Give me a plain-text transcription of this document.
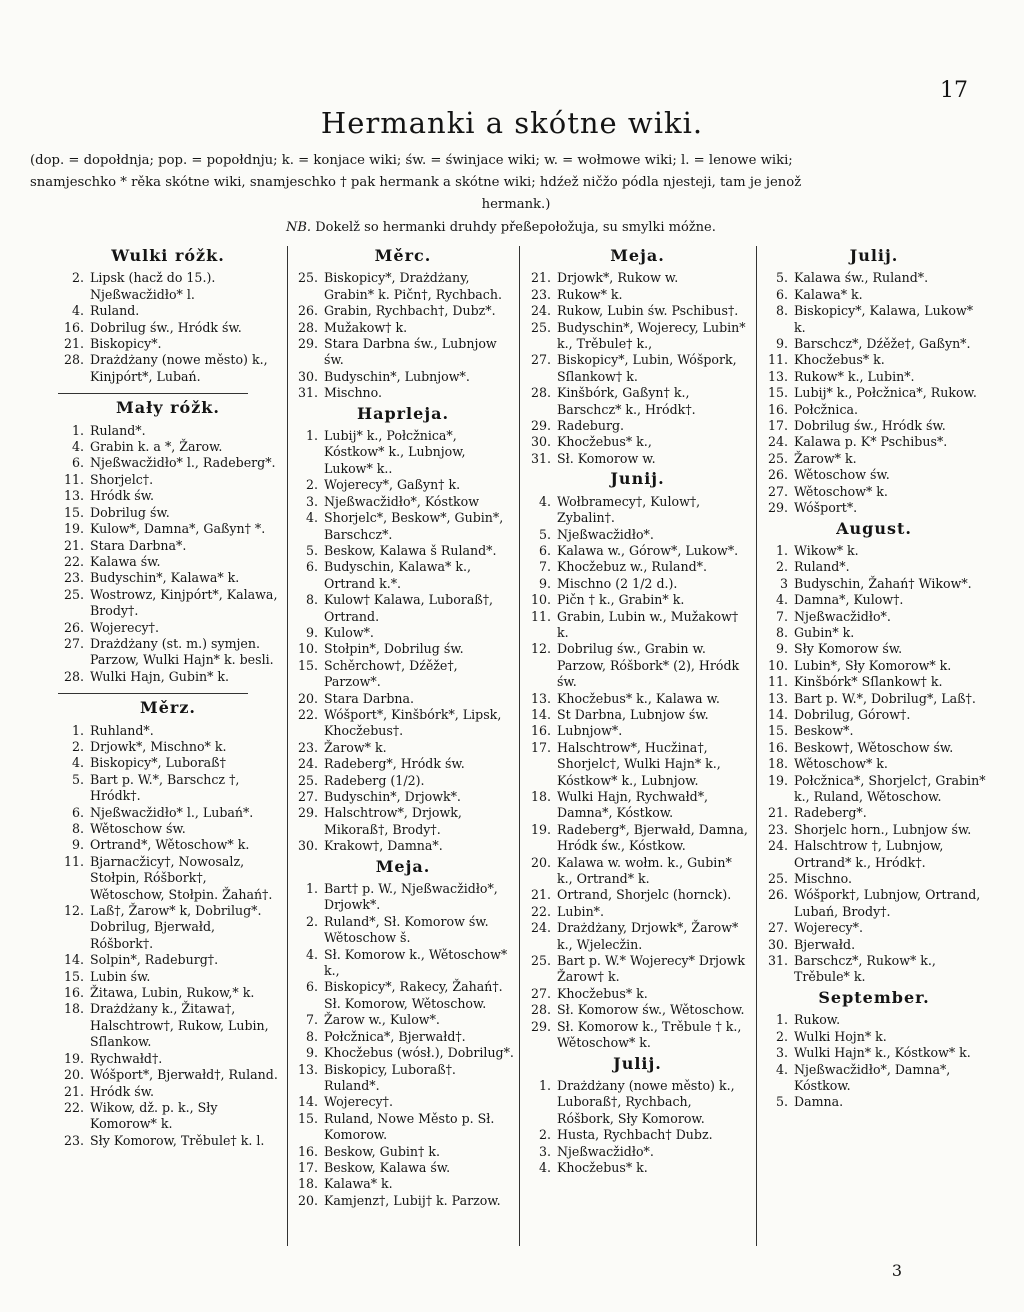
17
Hermanki a skótne wiki.
(dop. = dopołdnja; pop. = popołdnju; k. = konjace wiki; św. = świnjace wiki; w. = wołmowe wiki; l. = lenowe wiki;
snamjeschko * rěka skótne wiki, snamjeschko † pak hermank a skótne wiki; hdźež ničžo pódla njesteji, tam je jenož
hermank.)
NB. Dokelž so hermanki druhdy přeßepołožuja, su smylki móžne.
Wulki róžk.
2. Lipsk (hacž do 15.). Njeßwacžidło* l.
4. Ruland.
16. Dobrilug św., Hródk św.
21. Biskopicy*.
28. Drażdżany (nowe město) k., Kinjpórt*, Lubań.
Mały róžk.
1. Ruland*.
4. Grabin k. a *, Žarow.
6. Njeßwacžidło* l., Radeberg*.
11. Shorjelc†.
13. Hródk św.
15. Dobrilug św.
19. Kulow*, Damna*, Gaßyn† *.
21. Stara Darbna*.
22. Kalawa św.
23. Budyschin*, Kalawa* k.
25. Wostrowz, Kinjpórt*, Kalawa, Brody†.
26. Wojerecy†.
27. Drażdżany (st. m.) symjen. Parzow, Wulki Hajn* k. besli.
28. Wulki Hajn, Gubin* k.
Měrz.
1. Ruhland*.
2. Drjowk*, Mischno* k.
4. Biskopicy*, Luboraß†
5. Bart p. W.*, Barschcz †, Hródk†.
6. Njeßwacžidło* l., Lubań*.
8. Wětoschow św.
9. Ortrand*, Wětoschow* k.
11. Bjarnacžicy†, Nowosalz, Stołpin, Róšbork†, Wětoschow, Stołpin. Žahań†.
12. Laß†, Žarow* k, Dobrilug*. Dobrilug, Bjerwałd, Róšbork†.
14. Solpin*, Radeburg†.
15. Lubin św.
16. Žitawa, Lubin, Rukow,* k.
18. Drażdżany k., Žitawa†, Halschtrow†, Rukow, Lubin, Sſlankow.
19. Rychwałd†.
20. Wóšport*, Bjerwałd†, Ruland.
21. Hródk św.
22. Wikow, dž. p. k., Sły Komorow* k.
23. Sły Komorow, Trěbule† k. l.
Měrc.
25. Biskopicy*, Drażdżany, Grabin* k. Pičn†, Rychbach.
26. Grabin, Rychbach†, Dubz*.
28. Mužakow† k.
29. Stara Darbna św., Lubnjow św.
30. Budyschin*, Lubnjow*.
31. Mischno.
Haprleja.
1. Lubij* k., Połcžnica*, Kóstkow* k., Lubnjow, Lukow* k..
2. Wojerecy*, Gaßyn† k.
3. Njeßwacžidło*, Kóstkow
4. Shorjelc*, Beskow*, Gubin*, Barschcz*.
5. Beskow, Kalawa š Ruland*.
6. Budyschin, Kalawa* k., Ortrand k.*.
8. Kulow† Kalawa, Luboraß†, Ortrand.
9. Kulow*.
10. Stołpin*, Dobrilug św.
15. Schěrchow†, Dźěže†, Parzow*.
20. Stara Darbna.
22. Wóšport*, Kinšbórk*, Lipsk, Khocžebus†.
23. Žarow* k.
24. Radeberg*, Hródk św.
25. Radeberg (1/2).
27. Budyschin*, Drjowk*.
29. Halschtrow*, Drjowk, Mikoraß†, Brody†.
30. Krakow†, Damna*.
Meja.
1. Bart† p. W., Njeßwacžidło*, Drjowk*.
2. Ruland*, Sł. Komorow św. Wětoschow š.
4. Sł. Komorow k., Wětoschow* k.,
6. Biskopicy*, Rakecy, Žahań†. Sł. Komorow, Wětoschow.
7. Žarow w., Kulow*.
8. Połcžnica*, Bjerwałd†.
9. Khocžebus (wósł.), Dobrilug*.
13. Biskopicy, Luboraß†. Ruland*.
14. Wojerecy†.
15. Ruland, Nowe Město p. Sł. Komorow.
16. Beskow, Gubin† k.
17. Beskow, Kalawa św.
18. Kalawa* k.
20. Kamjenz†, Lubij† k. Parzow.
Meja.
21. Drjowk*, Rukow w.
23. Rukow* k.
24. Rukow, Lubin św. Pschibus†.
25. Budyschin*, Wojerecy, Lubin* k., Trěbule† k.,
27. Biskopicy*, Lubin, Wóšpork, Sſlankow† k.
28. Kinšbórk, Gaßyn† k., Barschcz* k., Hródk†.
29. Radeburg.
30. Khocžebus* k.,
31. Sł. Komorow w.
Junij.
4. Wołbramecy†, Kulow†, Zybalin†.
5. Njeßwacžidło*.
6. Kalawa w., Górow*, Lukow*.
7. Khocžebuz w., Ruland*.
9. Mischno (2 1/2 d.).
10. Pičn † k., Grabin* k.
11. Grabin, Lubin w., Mužakow† k.
12. Dobrilug św., Grabin w. Parzow, Róšbork* (2), Hródk św.
13. Khocžebus* k., Kalawa w.
14. St Darbna, Lubnjow św.
16. Lubnjow*.
17. Halschtrow*, Hucžina†, Shorjelc†, Wulki Hajn* k., Kóstkow* k., Lubnjow.
18. Wulki Hajn, Rychwałd*, Damna*, Kóstkow.
19. Radeberg*, Bjerwałd, Damna, Hródk św., Kóstkow.
20. Kalawa w. wołm. k., Gubin* k., Ortrand* k.
21. Ortrand, Shorjelc (hornck).
22. Lubin*.
24. Drażdżany, Drjowk*, Žarow* k., Wjelecžin.
25. Bart p. W.* Wojerecy* Drjowk Žarow† k.
27. Khocžebus* k.
28. Sł. Komorow św., Wětoschow.
29. Sł. Komorow k., Trěbule † k., Wětoschow* k.
Julij.
1. Drażdżany (nowe město) k., Luboraß†, Rychbach, Róšbork, Sły Komorow.
2. Husta, Rychbach† Dubz.
3. Njeßwacžidło*.
4. Khocžebus* k.
Julij.
5. Kalawa św., Ruland*.
6. Kalawa* k.
8. Biskopicy*, Kalawa, Lukow* k.
9. Barschcz*, Dźěže†, Gaßyn*.
11. Khocžebus* k.
13. Rukow* k., Lubin*.
15. Lubij* k., Połcžnica*, Rukow.
16. Połcžnica.
17. Dobrilug św., Hródk św.
24. Kalawa p. K* Pschibus*.
25. Žarow* k.
26. Wětoschow św.
27. Wětoschow* k.
29. Wóšport*.
August.
1. Wikow* k.
2. Ruland*.
3 Budyschin, Žahań† Wikow*.
4. Damna*, Kulow†.
7. Njeßwacžidło*.
8. Gubin* k.
9. Sły Komorow św.
10. Lubin*, Sły Komorow* k.
11. Kinšbórk* Sſlankow† k.
13. Bart p. W.*, Dobrilug*, Laß†.
14. Dobrilug, Górow†.
15. Beskow*.
16. Beskow†, Wětoschow św.
18. Wětoschow* k.
19. Połcžnica*, Shorjelc†, Grabin* k., Ruland, Wětoschow.
21. Radeberg*.
23. Shorjelc horn., Lubnjow św.
24. Halschtrow †, Lubnjow, Ortrand* k., Hródk†.
25. Mischno.
26. Wóšpork†, Lubnjow, Ortrand, Lubań, Brody†.
27. Wojerecy*.
30. Bjerwałd.
31. Barschcz*, Rukow* k., Trěbule* k.
September.
1. Rukow.
2. Wulki Hojn* k.
3. Wulki Hajn* k., Kóstkow* k.
4. Njeßwacžidło*, Damna*, Kóstkow.
5. Damna.
3
